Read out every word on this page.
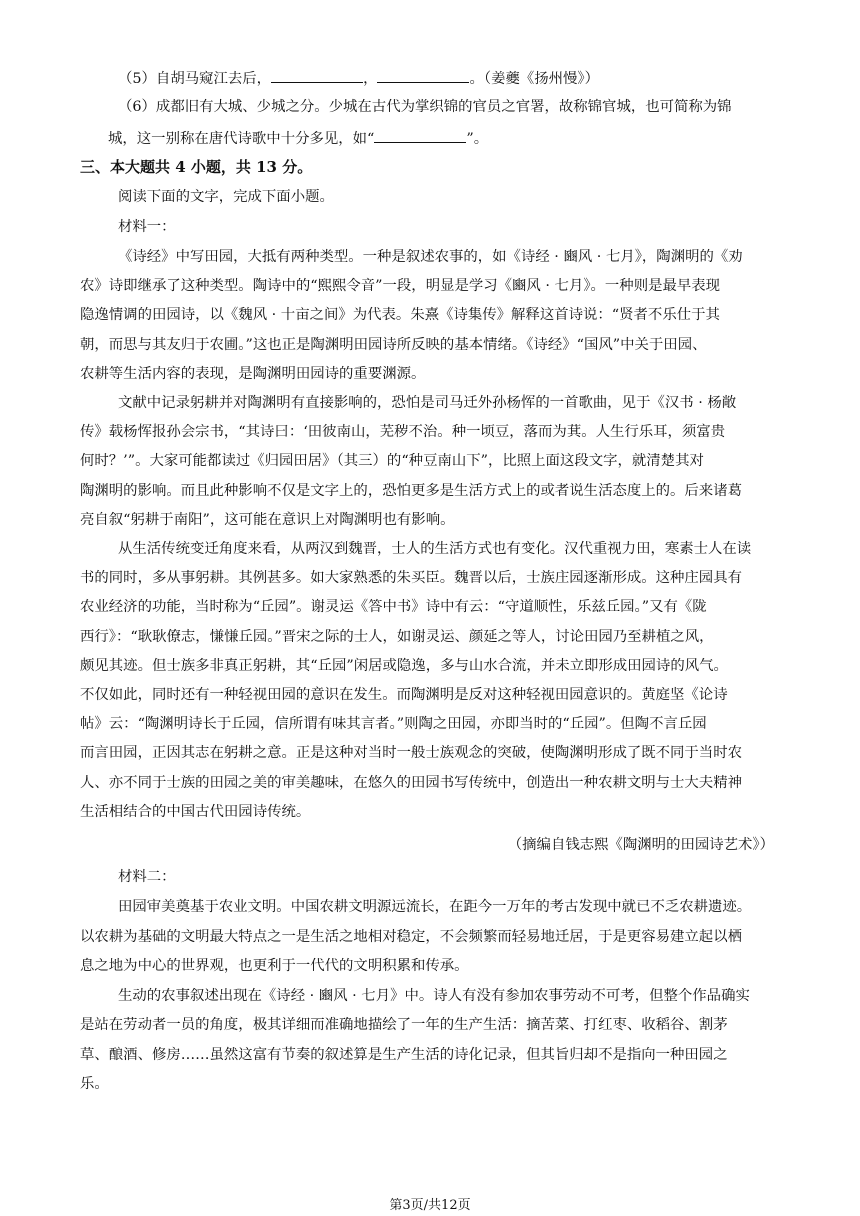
（5）自胡马窥江去后，	，	。（姜夔《扬州慢》）
（6）成都旧有大城、少城之分。少城在古代为掌织锦的官员之官署，故称锦官城，也可简称为锦
城，这一别称在唐代诗歌中十分多见，如“	”。
三、本大题共 4 小题，共 13 分。
阅读下面的文字，完成下面小题。
材料一：
《诗经》中写田园，大抵有两种类型。一种是叙述农事的，如《诗经 · 豳风 · 七月》，陶渊明的《劝
农》诗即继承了这种类型。陶诗中的“熙熙令音”一段，明显是学习《豳风 · 七月》。一种则是最早表现
隐逸情调的田园诗，以《魏风 · 十亩之间》为代表。朱熹《诗集传》解释这首诗说：“贤者不乐仕于其
朝，而思与其友归于农圃。”这也正是陶渊明田园诗所反映的基本情绪。《诗经》“国风”中关于田园、
农耕等生活内容的表现，是陶渊明田园诗的重要渊源。
文献中记录躬耕并对陶渊明有直接影响的，恐怕是司马迁外孙杨恽的一首歌曲，见于《汉书 · 杨敞
传》载杨恽报孙会宗书，“其诗曰：‘田彼南山，芜秽不治。种一顷豆，落而为萁。人生行乐耳，须富贵
何时？’”。大家可能都读过《归园田居》（其三）的“种豆南山下”，比照上面这段文字，就清楚其对
陶渊明的影响。而且此种影响不仅是文字上的，恐怕更多是生活方式上的或者说生活态度上的。后来诸葛
亮自叙“躬耕于南阳”，这可能在意识上对陶渊明也有影响。
从生活传统变迁角度来看，从两汉到魏晋，士人的生活方式也有变化。汉代重视力田，寒素士人在读
书的同时，多从事躬耕。其例甚多。如大家熟悉的朱买臣。魏晋以后，士族庄园逐渐形成。这种庄园具有
农业经济的功能，当时称为“丘园”。谢灵运《答中书》诗中有云：“守道顺性，乐兹丘园。”又有《陇
西行》：“耿耿僚志，慊慊丘园。”晋宋之际的士人，如谢灵运、颜延之等人，讨论田园乃至耕植之风，
颇见其迹。但士族多非真正躬耕，其“丘园”闲居或隐逸，多与山水合流，并未立即形成田园诗的风气。
不仅如此，同时还有一种轻视田园的意识在发生。而陶渊明是反对这种轻视田园意识的。黄庭坚《论诗
帖》云：“陶渊明诗长于丘园，信所谓有味其言者。”则陶之田园，亦即当时的“丘园”。但陶不言丘园
而言田园，正因其志在躬耕之意。正是这种对当时一般士族观念的突破，使陶渊明形成了既不同于当时农
人、亦不同于士族的田园之美的审美趣味，在悠久的田园书写传统中，创造出一种农耕文明与士大夫精神
生活相结合的中国古代田园诗传统。
（摘编自钱志熙《陶渊明的田园诗艺术》）
材料二：
田园审美奠基于农业文明。中国农耕文明源远流长，在距今一万年的考古发现中就已不乏农耕遗迹。
以农耕为基础的文明最大特点之一是生活之地相对稳定，不会频繁而轻易地迁居，于是更容易建立起以栖
息之地为中心的世界观，也更利于一代代的文明积累和传承。
生动的农事叙述出现在《诗经 · 豳风 · 七月》中。诗人有没有参加农事劳动不可考，但整个作品确实
是站在劳动者一员的角度，极其详细而准确地描绘了一年的生产生活：摘苦菜、打红枣、收稻谷、割茅
草、酿酒、修房……虽然这富有节奏的叙述算是生产生活的诗化记录，但其旨归却不是指向一种田园之
乐。
第3页/共12页
